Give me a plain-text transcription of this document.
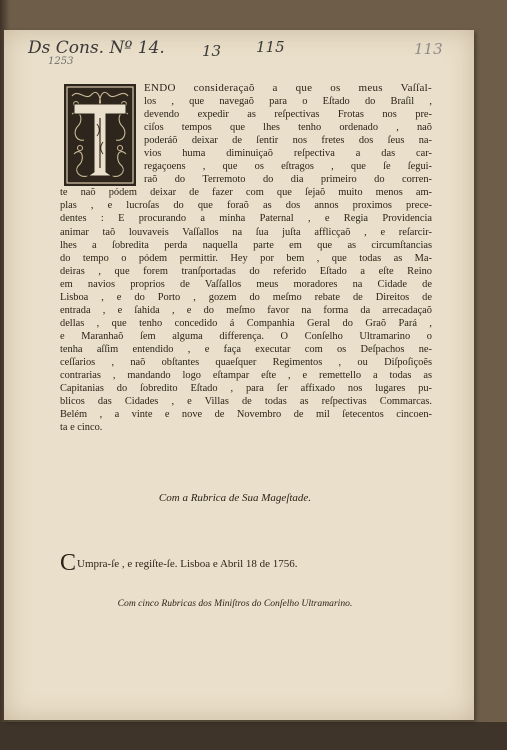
Ds Cons. Nº 14.
1253
13 115	113
ENDO consideraçaõ a que os meus Vaſſal-
los , que navegaõ para o Eſtado do Braſil ,
devendo expedir as reſpectivas Frotas nos pre-
ciſos tempos que lhes tenho ordenado , naõ
poderáõ deixar de ſentir nos fretes dos ſeus na-
vios huma diminuiçaõ reſpectiva a das car-
regaçoens , que os eſtragos , que ſe ſegui-
raõ do Terremoto do dia primeiro do corren-
te naõ pódem deixar de fazer com que ſejaõ muito menos am-
plas , e lucroſas do que foraõ as dos annos proximos prece-
dentes : E procurando a minha Paternal , e Regia Providencia
animar taõ louvaveis Vaſſallos na ſua juſta afflicçaõ , e reſarcir-
lhes a ſobredita perda naquella parte em que as circumſtancias
do tempo o pódem permittir. Hey por bem , que todas as Ma-
deiras , que forem tranſportadas do referido Eſtado a eſte Reino
em navios proprios de Vaſſallos meus moradores na Cidade de
Lisboa , e do Porto , gozem do meſmo rebate de Direitos de
entrada , e ſahida , e do meſmo favor na forma da arrecadaçaõ
dellas , que tenho concedido á Companhia Geral do Graõ Pará ,
e Maranhaõ ſem alguma differença. O Conſelho Ultramarino o
tenha aſſim entendido , e faça executar com os Deſpachos ne-
ceſſarios , naõ obſtantes quaeſquer Regimentos , ou Diſpoſiçoẽs
contrarias , mandando logo eſtampar eſte , e remettello a todas as
Capitanias do ſobredito Eſtado , para ſer affixado nos lugares pu-
blicos das Cidades , e Villas de todas as reſpectivas Commarcas.
Belém , a vinte e nove de Novembro de mil ſetecentos cincoen-
ta e cinco.
Com a Rubrica de Sua Mageſtade.
CUmpra-ſe , e regiſte-ſe. Lisboa e Abril 18 de 1756.
Com cinco Rubricas dos Miniſtros do Conſelho Ultramarino.
